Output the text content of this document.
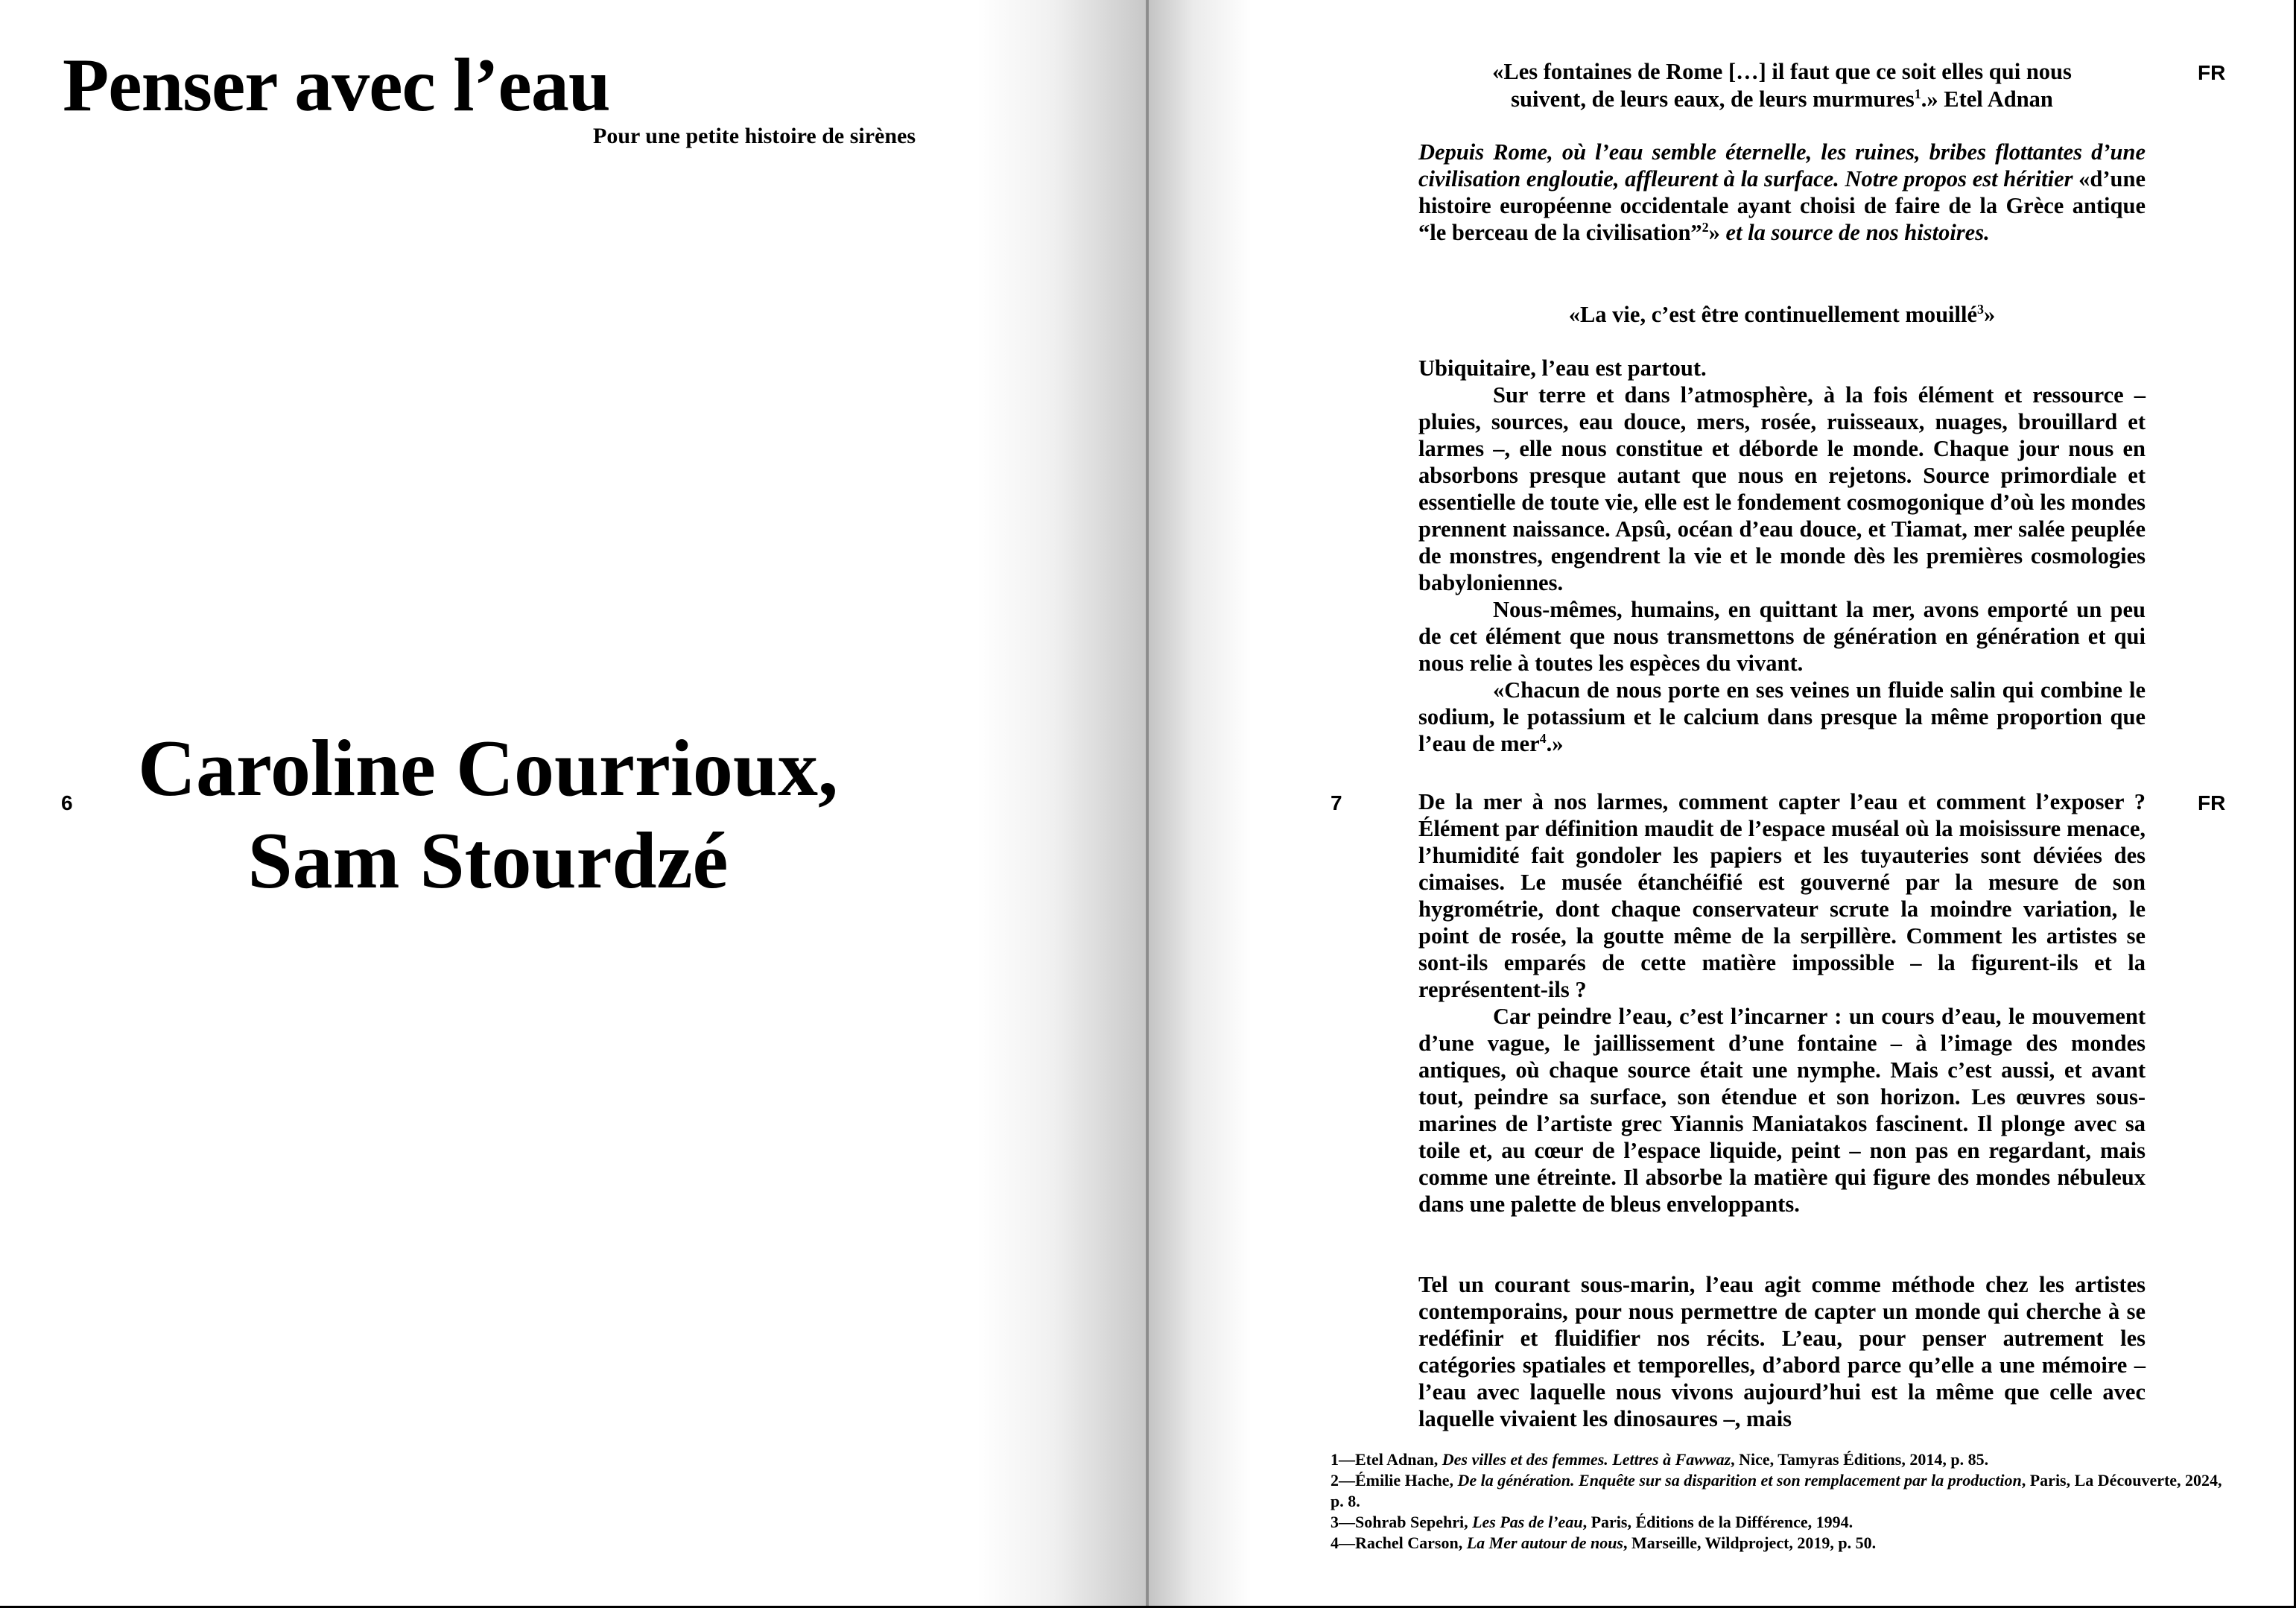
Penser avec l’eau

Pour une petite histoire de sirènes

Caroline Courrioux,
Sam Stourdzé
6
FR
FR
7

«Les fontaines de Rome […] il faut que ce soit elles qui nous
suivent, de leurs eaux, de leurs murmures$^1$.» Etel Adnan

Depuis Rome, où l’eau semble éternelle, les ruines, bribes flottantes d’une civilisation engloutie, affleurent à la surface. Notre propos est héritier «d’une histoire européenne occidentale ayant choisi de faire de la Grèce antique “le berceau de la civilisation”$^2$» et la source de nos histoires.

«La vie, c’est être continuellement mouillé$^3$»

Ubiquitaire, l’eau est partout.

Sur terre et dans l’atmosphère, à la fois élément et ressource – pluies, sources, eau douce, mers, rosée, ruisseaux, nuages, brouillard et larmes –, elle nous constitue et déborde le monde. Chaque jour nous en absorbons presque autant que nous en rejetons. Source primordiale et essentielle de toute vie, elle est le fondement cosmogonique d’où les mondes prennent naissance. Apsû, océan d’eau douce, et Tiamat, mer salée peuplée de monstres, engendrent la vie et le monde dès les premières cosmologies babyloniennes.

Nous-mêmes, humains, en quittant la mer, avons emporté un peu de cet élément que nous transmettons de génération en génération et qui nous relie à toutes les espèces du vivant.

«Chacun de nous porte en ses veines un fluide salin qui combine le sodium, le potassium et le calcium dans presque la même proportion que l’eau de mer$^4$.»

De la mer à nos larmes, comment capter l’eau et comment l’exposer ? Élément par définition maudit de l’espace muséal où la moisissure menace, l’humidité fait gondoler les papiers et les tuyauteries sont déviées des cimaises. Le musée étanchéifié est gouverné par la mesure de son hygrométrie, dont chaque conservateur scrute la moindre variation, le point de rosée, la goutte même de la serpillère. Comment les artistes se sont-ils emparés de cette matière impossible – la figurent-ils et la représentent-ils ?

Car peindre l’eau, c’est l’incarner : un cours d’eau, le mouvement d’une vague, le jaillissement d’une fontaine – à l’image des mondes antiques, où chaque source était une nymphe. Mais c’est aussi, et avant tout, peindre sa surface, son étendue et son horizon. Les œuvres sous-marines de l’artiste grec Yiannis Maniatakos fascinent. Il plonge avec sa toile et, au cœur de l’espace liquide, peint – non pas en regardant, mais comme une étreinte. Il absorbe la matière qui figure des mondes nébuleux dans une palette de bleus enveloppants.

Tel un courant sous-marin, l’eau agit comme méthode chez les artistes contemporains, pour nous permettre de capter un monde qui cherche à se redéfinir et fluidifier nos récits. L’eau, pour penser autrement les catégories spatiales et temporelles, d’abord parce qu’elle a une mémoire – l’eau avec laquelle nous vivons aujourd’hui est la même que celle avec laquelle vivaient les dinosaures –, mais

1—Etel Adnan, Des villes et des femmes. Lettres à Fawwaz, Nice, Tamyras Éditions, 2014, p. 85.

2—Émilie Hache, De la génération. Enquête sur sa disparition et son remplacement par la production, Paris, La Découverte, 2024, p. 8.

3—Sohrab Sepehri, Les Pas de l’eau, Paris, Éditions de la Différence, 1994.

4—Rachel Carson, La Mer autour de nous, Marseille, Wildproject, 2019, p. 50.
